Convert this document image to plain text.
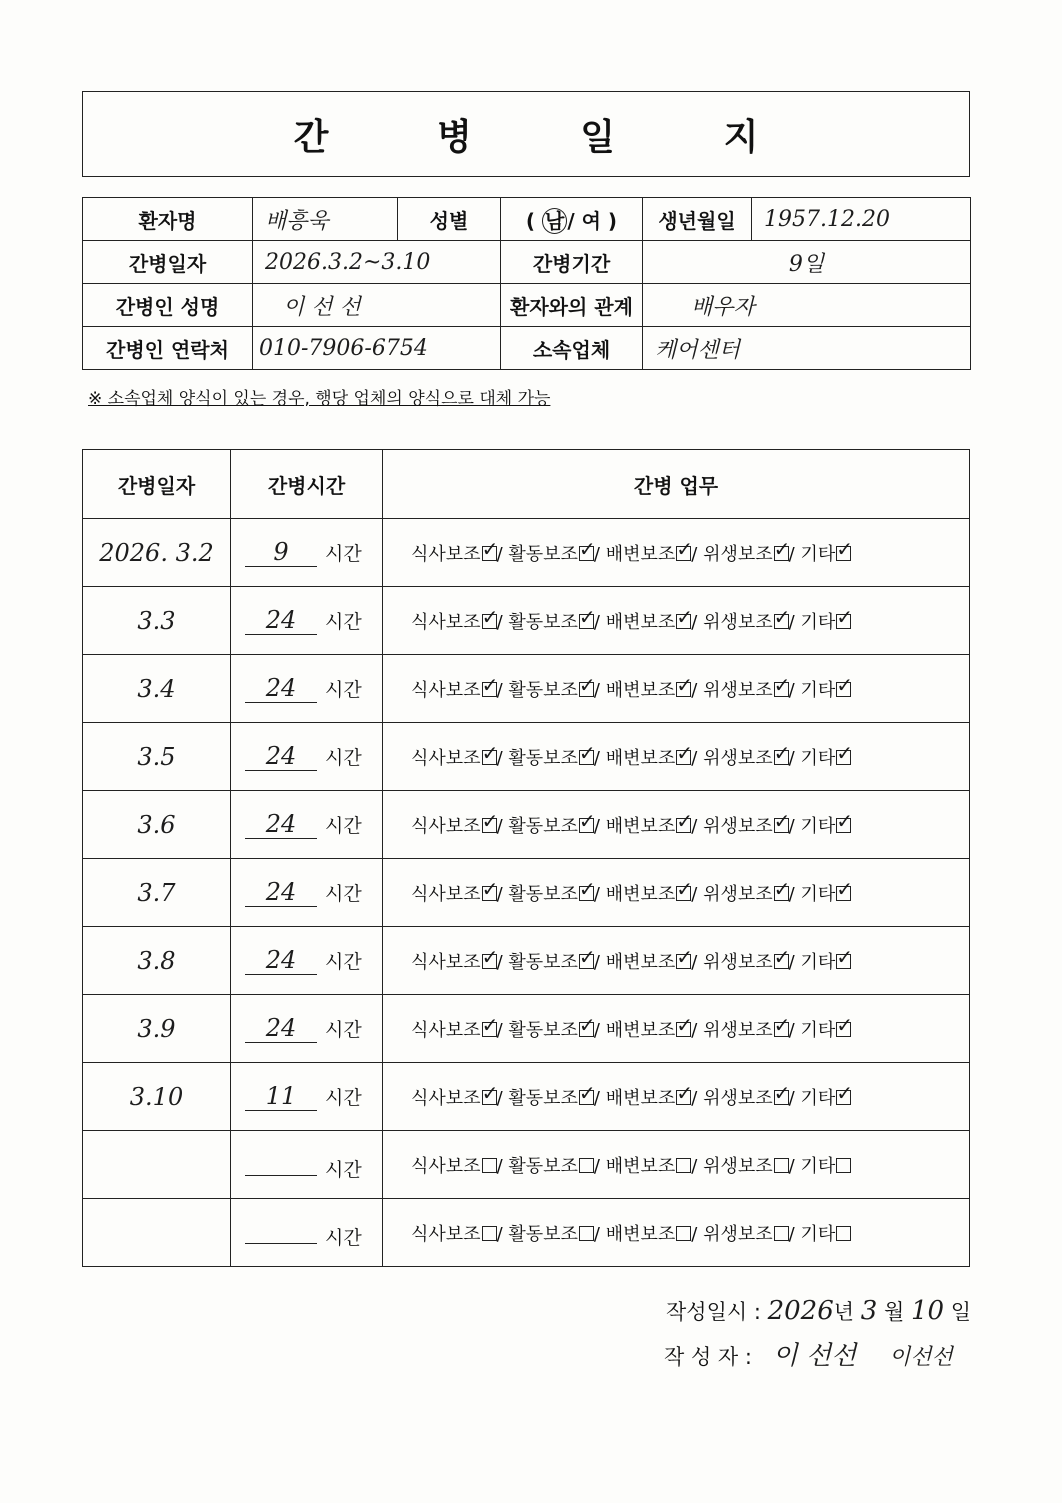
간 병 일 지
환자명	배흥욱	성별	( 남 / 여 )	생년월일	1957.12.20
간병일자	2026.3.2~3.10		간병기간	9일	
간병인 성명	이 선 선		환자와의 관계	배우자	
간병인 연락처	010-7906-6754		소속업체	케어센터	
※ 소속업체 양식이 있는 경우, 행당 업체의 양식으로 대체 가능
간병일자	간병시간	간병 업무
2026. 3.2	9 시간	식사보조 ✓ / 활동보조 ✓ / 배변보조 ✓ / 위생보조 ✓ / 기타✓
3.3	24 시간	식사보조 ✓ / 활동보조 ✓ / 배변보조 ✓ / 위생보조 ✓ / 기타✓
3.4	24 시간	식사보조 ✓ / 활동보조 ✓ / 배변보조 ✓ / 위생보조 ✓ / 기타✓
3.5	24 시간	식사보조 ✓ / 활동보조 ✓ / 배변보조 ✓ / 위생보조 ✓ / 기타✓
3.6	24 시간	식사보조 ✓ / 활동보조 ✓ / 배변보조 ✓ / 위생보조 ✓ / 기타✓
3.7	24 시간	식사보조 ✓ / 활동보조 ✓ / 배변보조 ✓ / 위생보조 ✓ / 기타✓
3.8	24 시간	식사보조 ✓ / 활동보조 ✓ / 배변보조 ✓ / 위생보조 ✓ / 기타✓
3.9	24 시간	식사보조 ✓ / 활동보조 ✓ / 배변보조 ✓ / 위생보조 ✓ / 기타✓
3.10	11 시간	식사보조 ✓ / 활동보조 ✓ / 배변보조 ✓ / 위생보조 ✓ / 기타✓
	시간	식사보조 / 활동보조 / 배변보조 / 위생보조 / 기타
	시간	식사보조 / 활동보조 / 배변보조 / 위생보조 / 기타
작성일시 : 2026년 3 월 10 일
작 성 자 : 이 선선 이선선
